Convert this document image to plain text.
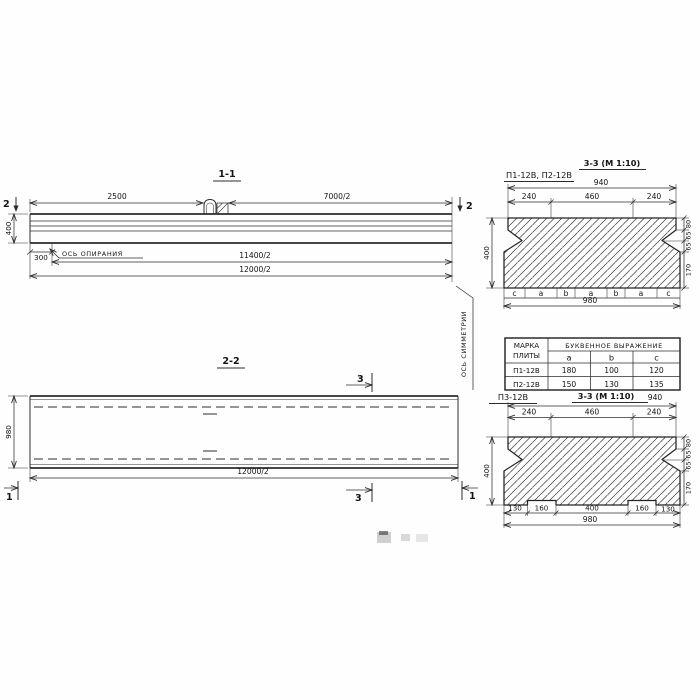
1-1
2500	7000/2
2	2
400
300 ОСЬ ОПИРАНИЯ	11400/2
12000/2
2-2
980
12000/2
3
3
1	1
ОСЬ СИММЕТРИИ
3-3 (М 1:10)
П1-12В, П2-12В
940
240	460	240
c	a	b	a	b	a	c
980
400
80
65
65
170
МАРКА
ПЛИТЫ
БУКВЕННОЕ ВЫРАЖЕНИЕ
a	b	c
П1-12В	180	100	120
П2-12В	150	130	135
П3-12В	3-3 (М 1:10) 940
240	460	240
130 160	400	160 130
980
400
80
65
65
170
